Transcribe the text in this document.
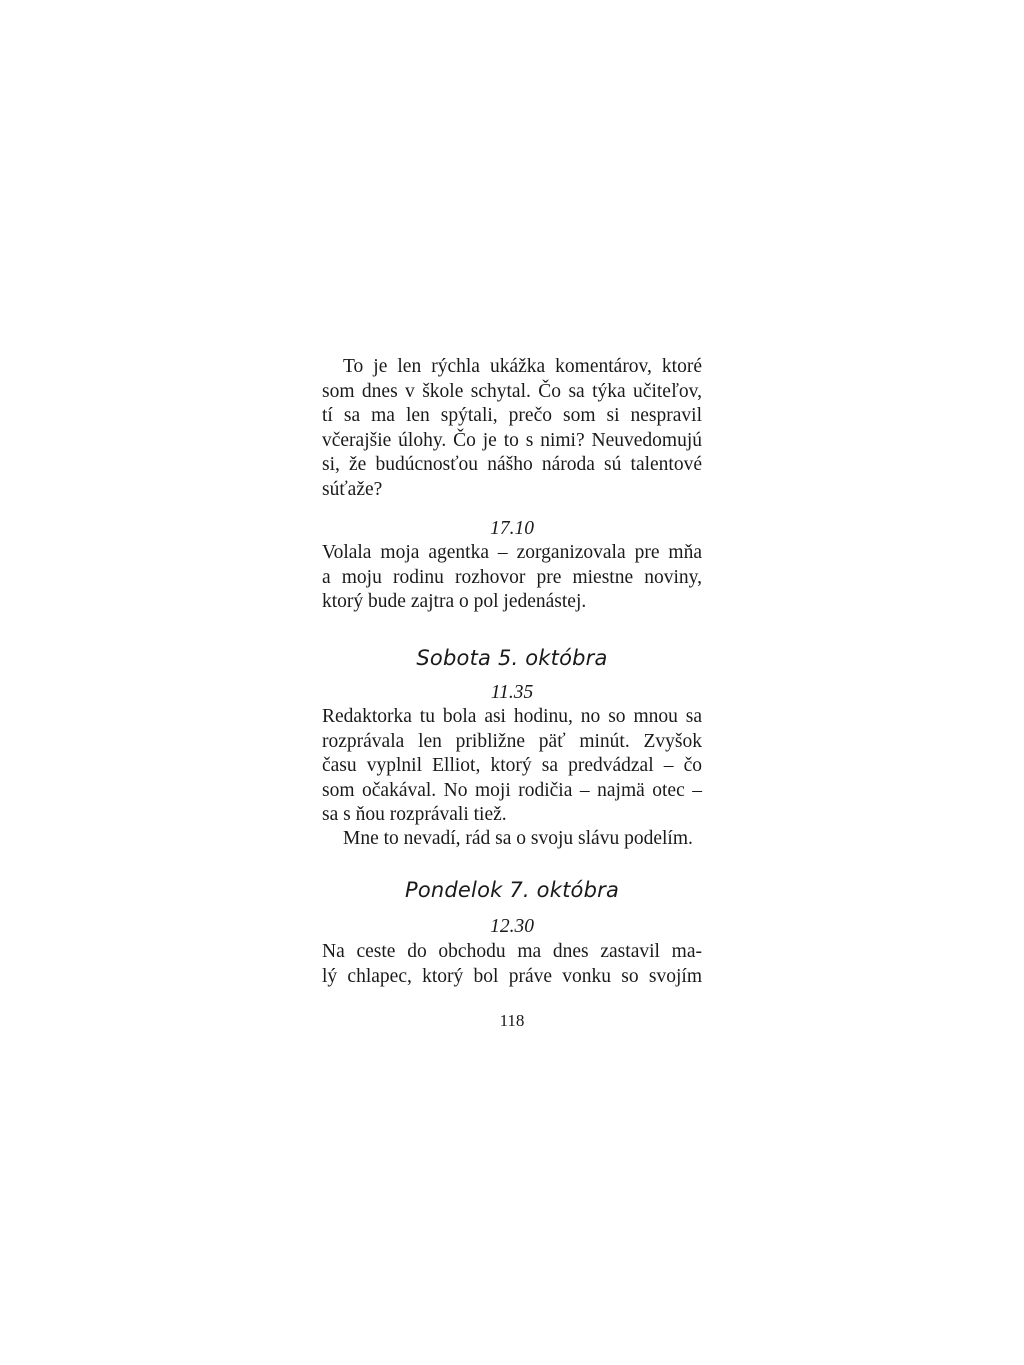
To je len rýchla ukážka komentárov, ktoré
som dnes v škole schytal. Čo sa týka učiteľov,
tí sa ma len spýtali, prečo som si nespravil
včerajšie úlohy. Čo je to s nimi? Neuvedomujú
si, že budúcnosťou nášho národa sú talentové
súťaže?
17.10
Volala moja agentka – zorganizovala pre mňa
a moju rodinu rozhovor pre miestne noviny,
ktorý bude zajtra o pol jedenástej.
Sobota 5. októbra
11.35
Redaktorka tu bola asi hodinu, no so mnou sa
rozprávala len približne päť minút. Zvyšok
času vyplnil Elliot, ktorý sa predvádzal – čo
som očakával. No moji rodičia – najmä otec –
sa s ňou rozprávali tiež.
Mne to nevadí, rád sa o svoju slávu podelím.
Pondelok 7. októbra
12.30
Na ceste do obchodu ma dnes zastavil ma-
lý chlapec, ktorý bol práve vonku so svojím
118
